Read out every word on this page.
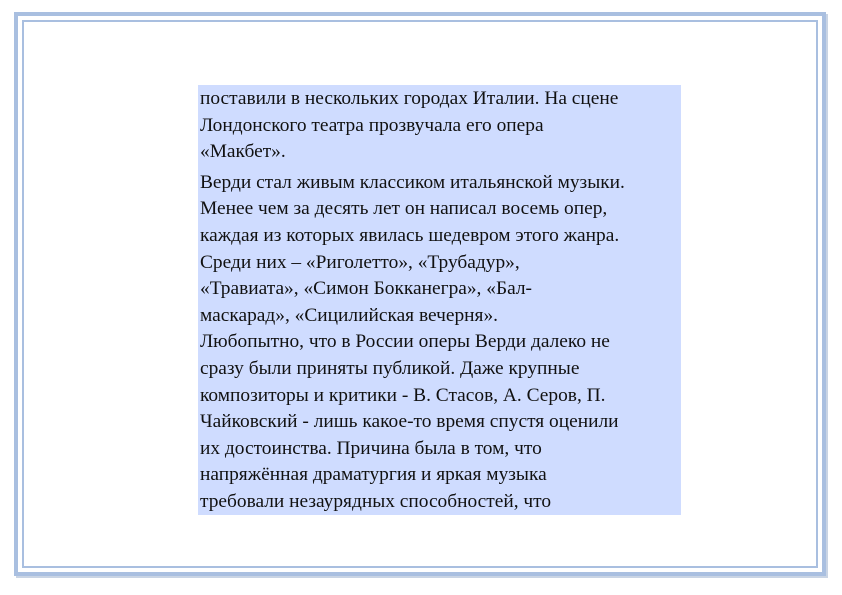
поставили в нескольких городах Италии. На сцене
Лондонского театра прозвучала его опера
«Макбет».
Верди стал живым классиком итальянской музыки.
Менее чем за десять лет он написал восемь опер,
каждая из которых явилась шедевром этого жанра.
Среди них – «Риголетто», «Трубадур»,
«Травиата», «Симон Бокканегра», «Бал-
маскарад», «Сицилийская вечерня».
Любопытно, что в России оперы Верди далеко не
сразу были приняты публикой. Даже крупные
композиторы и критики - В. Стасов, А. Серов, П.
Чайковский - лишь какое-то время спустя оценили
их достоинства. Причина была в том, что
напряжённая драматургия и яркая музыка
требовали незаурядных способностей, что
